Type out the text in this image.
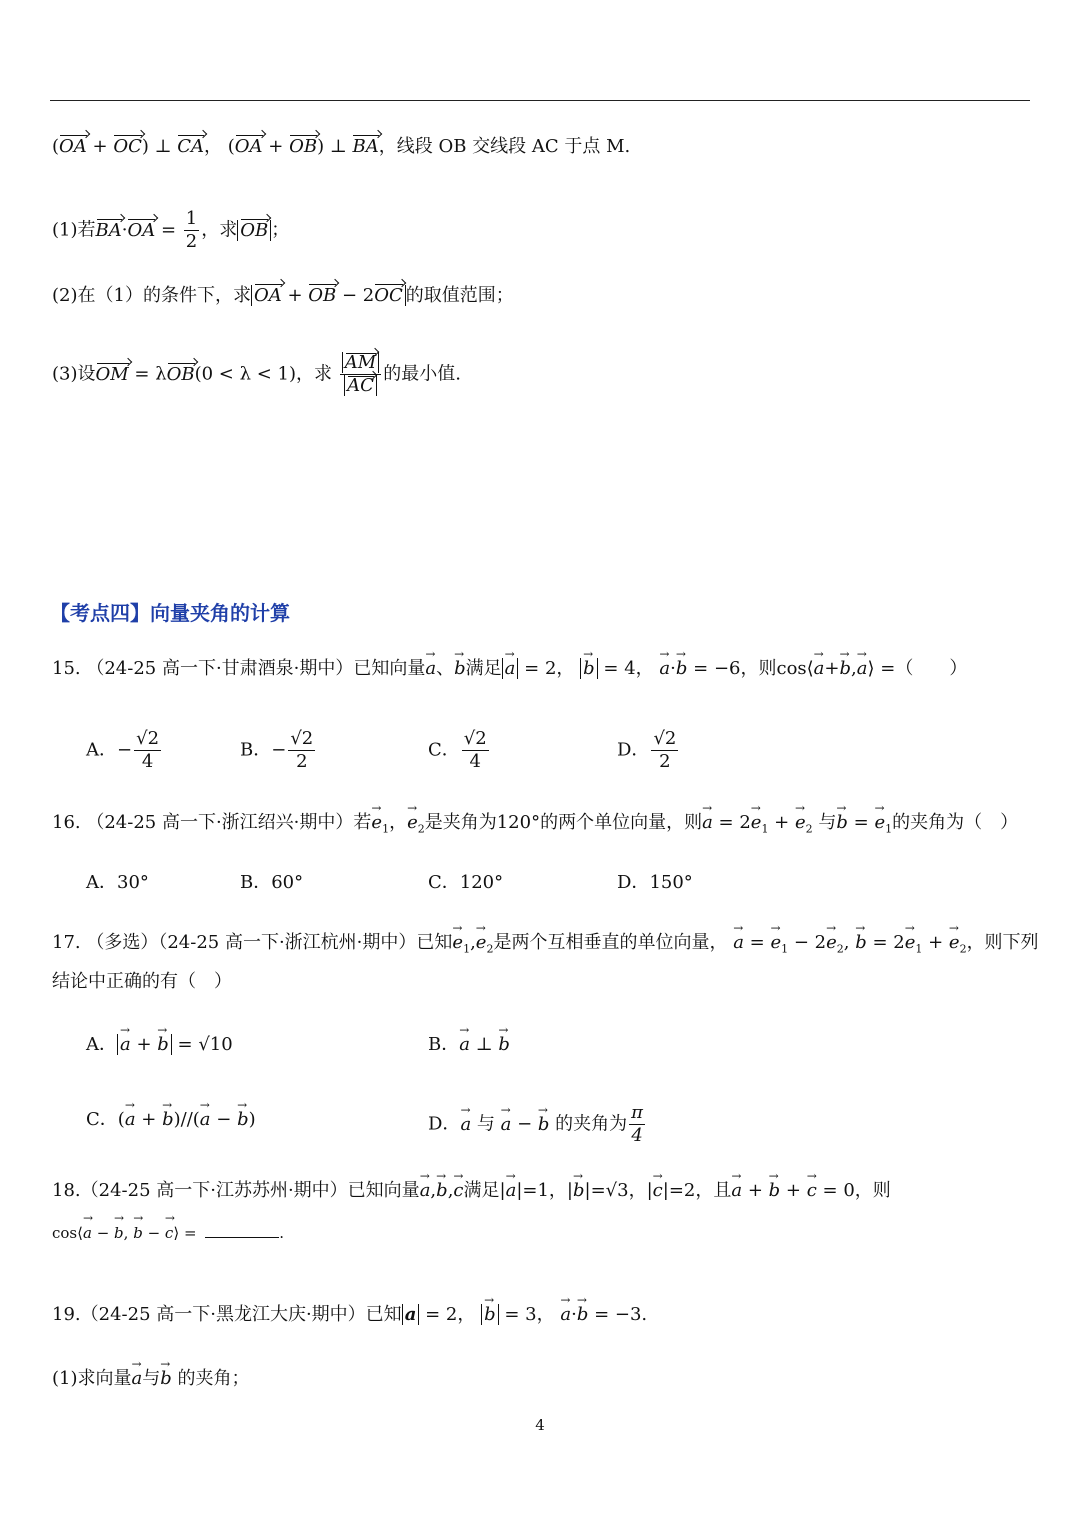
(OA + OC) ⊥ CA， (OA + OB) ⊥ BA，线段 OB 交线段 AC 于点 M.
(1)若$BA\cdot OA = \frac{1}{2}$ ，求 OB ；
(2)在（1）的条件下，求 OA + OB − 2OC 的取值范围；
(3)设OM = λOB(0 < λ < 1)，求 $\frac{AM}{AC}$ 的最小值.
【考点四】向量夹角的计算
15. （24-25 高一下·甘肃酒泉·期中）已知向量→ a、→ b满足 → a = 2， → b = 4， → a·→ b = −6，则cos⟨→ a+→ b,→ a⟩ =（　　）
A．− $\frac{√2}{4}$	B．− $\frac{√2}{2}$	C． $\frac{√2}{4}$	D． $\frac{√2}{2}$
16. （24-25 高一下·浙江绍兴·期中）若→ $e_1$，→ $e_2$是夹角为120°的两个单位向量，则→ $a = 2\to e_1$ + → $e_2$ 与→ b = → $e_1$的夹角为（　）
A．30°	B．60°	C．120°	D．150°
17. （多选）（24-25 高一下·浙江杭州·期中）已知→ $e_1,\to e_2$是两个互相垂直的单位向量， → a = → $e_1 - 2\to e_2$, → $b = 2\to e_1$ + → $e_2$，则下列
结论中正确的有（　）
A． → a + → b = √10	B．→ a ⊥ → b
C．(→ a + → b)//(→ a − → b)	D．→ a 与 → a − → b 的夹角为 $\frac{\pi}{4}$
18.（24-25 高一下·江苏苏州·期中）已知向量→ a,→ b,→ c满足|→ a|=1，|→ b|=√3，|→ c|=2，且→ a + → b + → c = 0，则
cos⟨→ a − → b, → b − → c⟩ =	.
19.（24-25 高一下·黑龙江大庆·期中）已知 a = 2， → b = 3， → a·→ b = −3.
(1)求向量→ a与→ b 的夹角；
4
